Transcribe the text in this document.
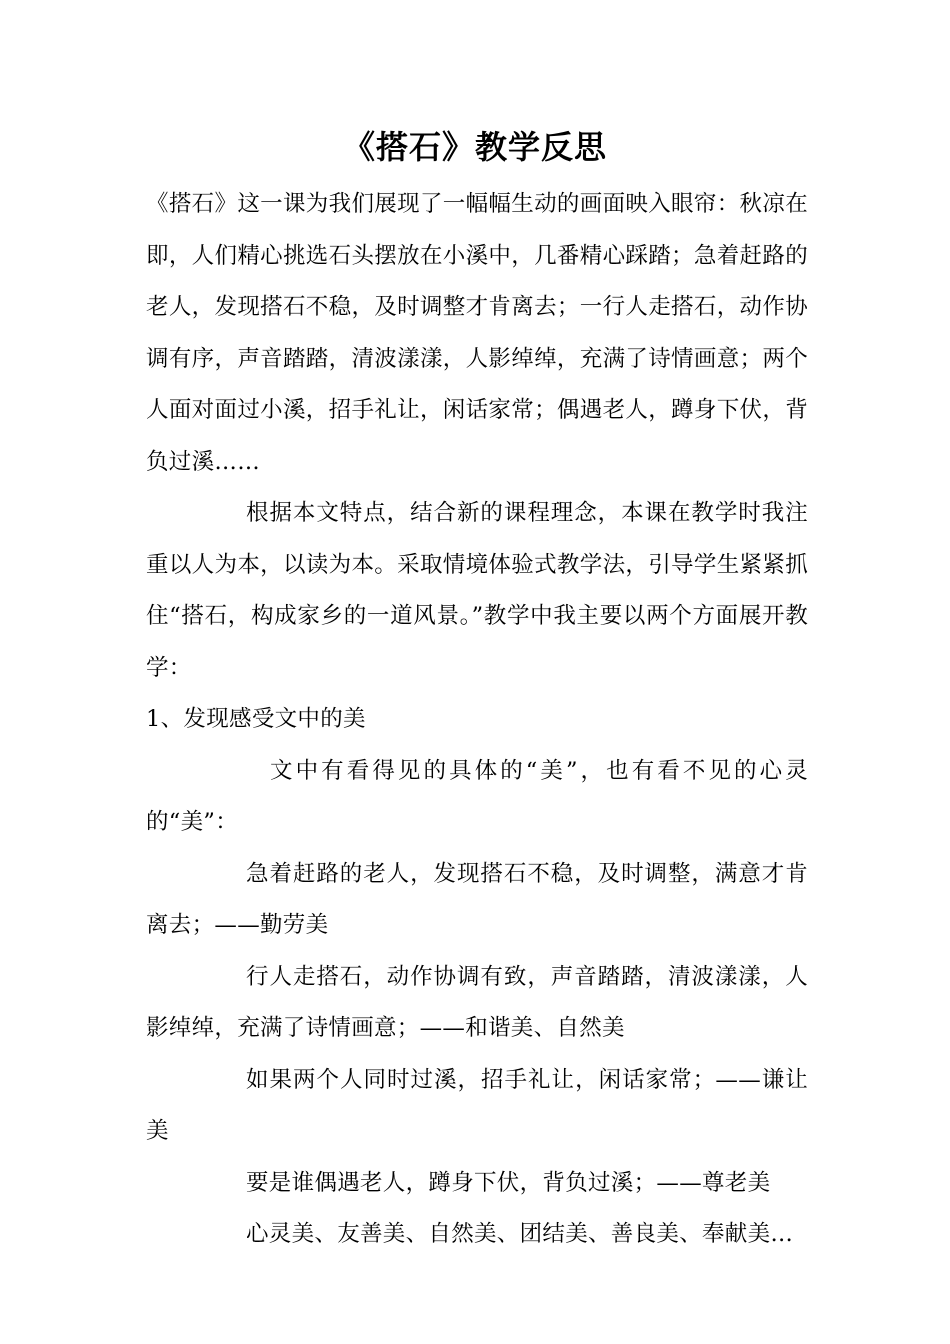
《搭石》教学反思

《搭石》这一课为我们展现了一幅幅生动的画面映入眼帘：秋凉在即，人们精心挑选石头摆放在小溪中，几番精心踩踏；急着赶路的老人，发现搭石不稳，及时调整才肯离去；一行人走搭石，动作协调有序，声音踏踏，清波漾漾，人影绰绰，充满了诗情画意；两个人面对面过小溪，招手礼让，闲话家常；偶遇老人，蹲身下伏，背负过溪……

根据本文特点，结合新的课程理念，本课在教学时我注重以人为本，以读为本。采取情境体验式教学法，引导学生紧紧抓住“搭石，构成家乡的一道风景。”教学中我主要以两个方面展开教学：

1、发现感受文中的美

文中有看得见的具体的“美”，也有看不见的心灵的“美”：

急着赶路的老人，发现搭石不稳，及时调整，满意才肯离去；——勤劳美

行人走搭石，动作协调有致，声音踏踏，清波漾漾，人影绰绰，充满了诗情画意；——和谐美、自然美

如果两个人同时过溪，招手礼让，闲话家常；——谦让美

要是谁偶遇老人，蹲身下伏，背负过溪；——尊老美

心灵美、友善美、自然美、团结美、善良美、奉献美…
